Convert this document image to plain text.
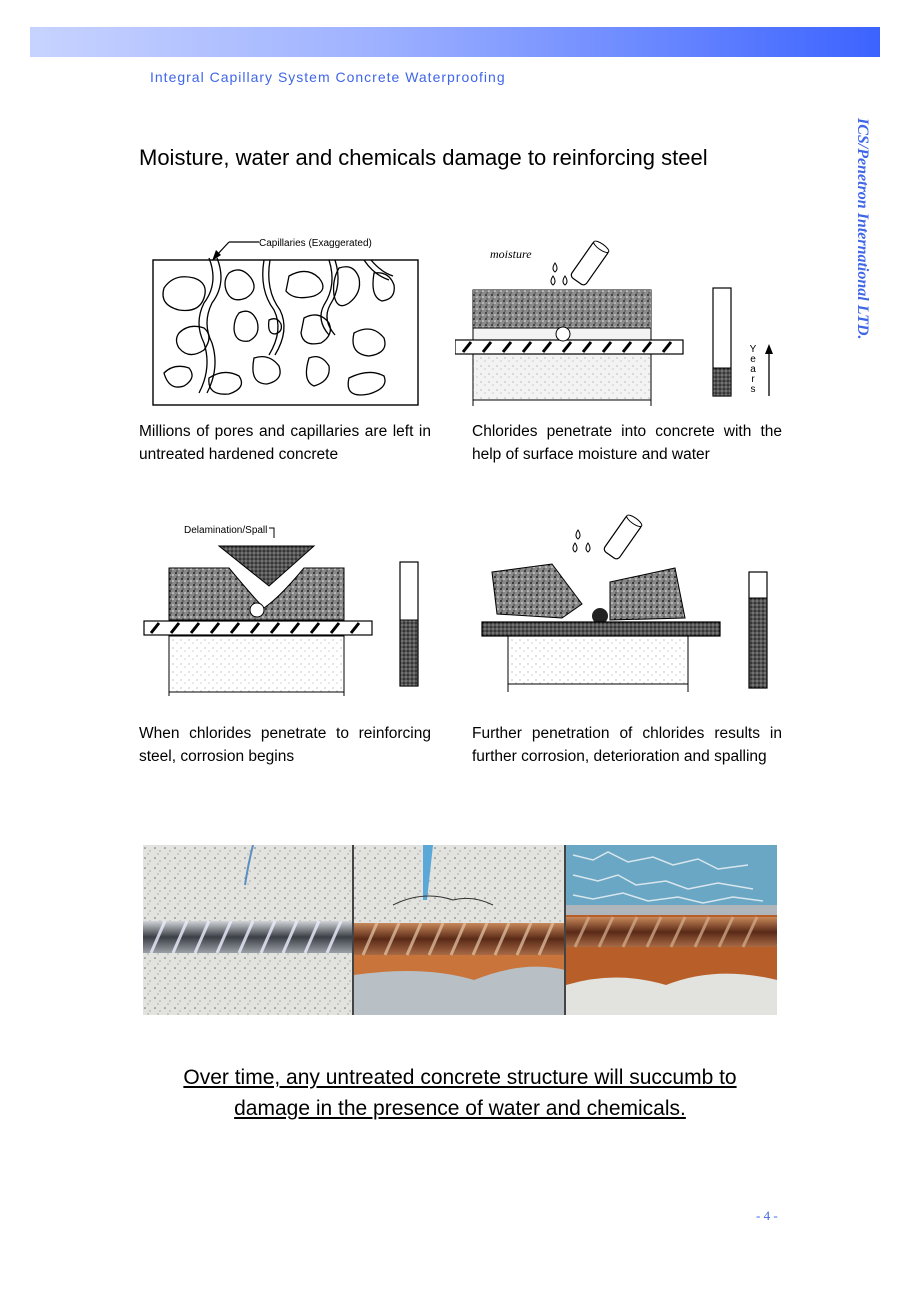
Integral Capillary System Concrete Waterproofing
ICS/Penetron International LTD.
Moisture, water and chemicals damage to reinforcing steel
Capillaries (Exaggerated)
moisture
Y
e
a
r
s
Millions of pores and capillaries are left in untreated hardened concrete
Chlorides penetrate into concrete with the help of surface moisture and water
Delamination/Spall
When chlorides penetrate to reinforcing steel, corrosion begins
Further penetration of chlorides results in further corrosion, deterioration and spalling
Over time, any untreated concrete structure will succumb to
damage in the presence of water and chemicals.
- 4 -
